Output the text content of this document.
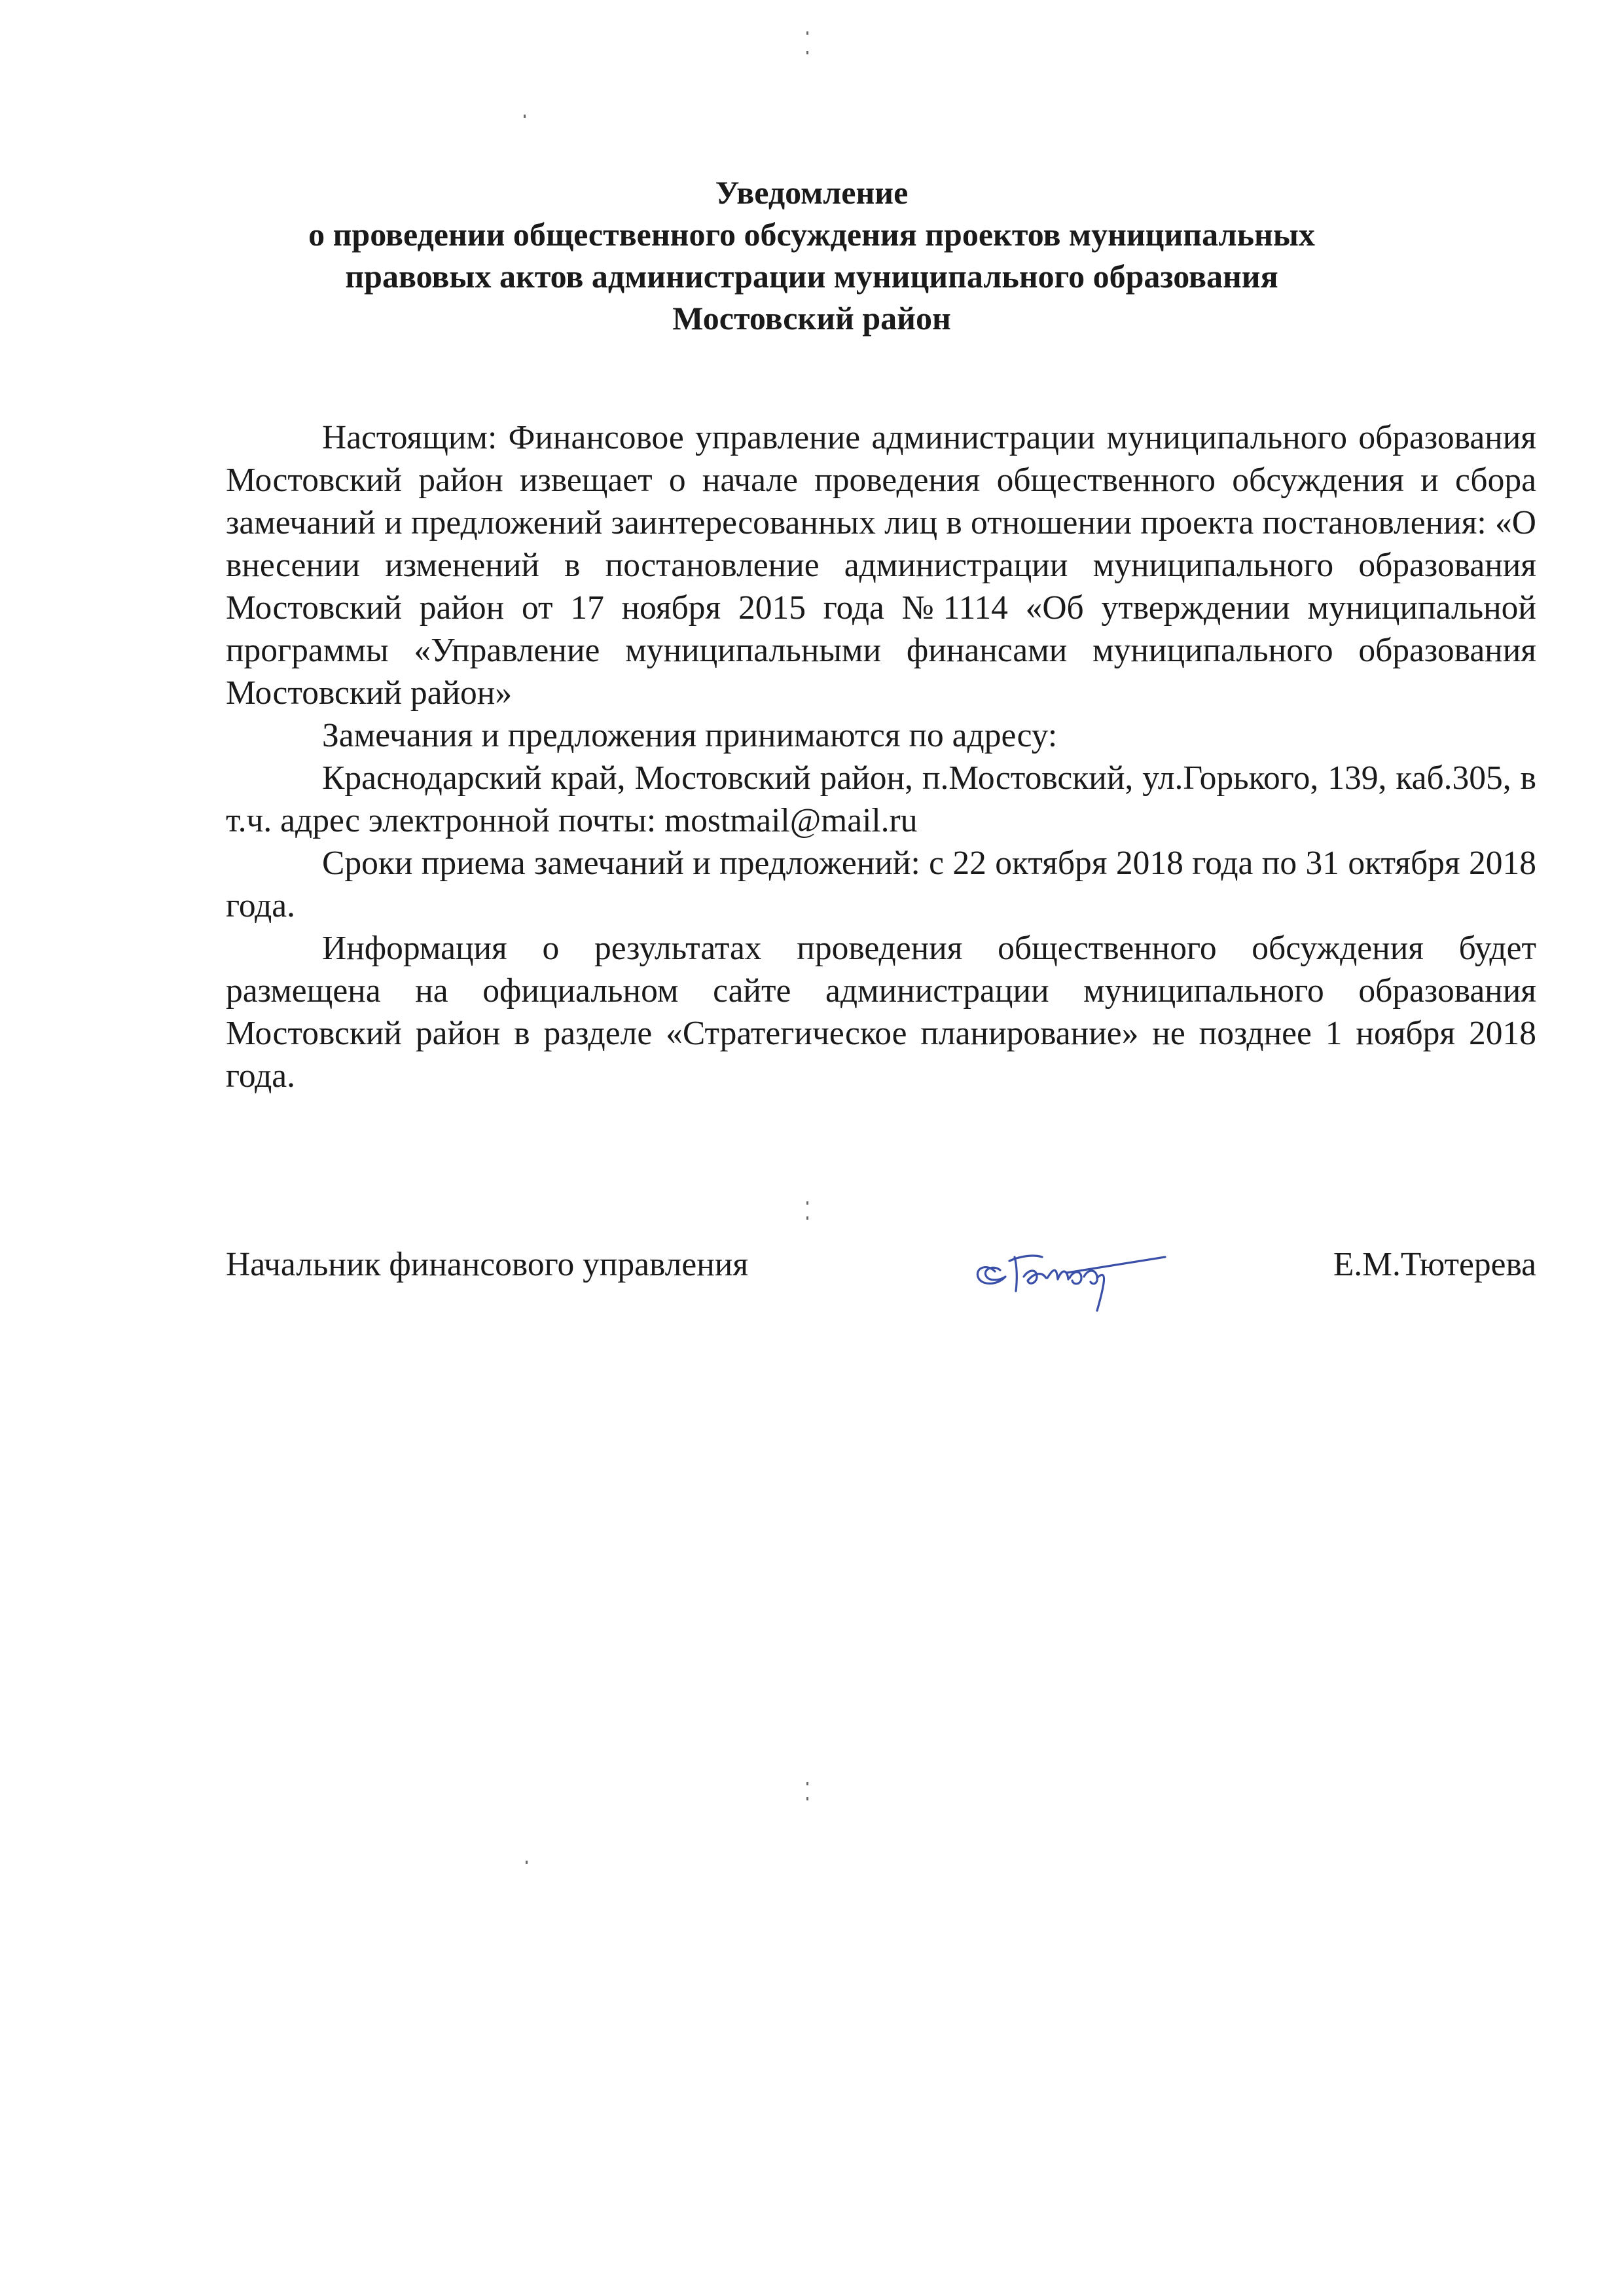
Уведомление
о проведении общественного обсуждения проектов муниципальных
правовых актов администрации муниципального образования
Мостовский район

Настоящим: Финансовое управление администрации муниципального образования Мостовский район извещает о начале проведения общественного обсуждения и сбора замечаний и предложений заинтересованных лиц в отношении проекта постановления: «О внесении изменений в постановление администрации муниципального образования Мостовский район от 17 ноября 2015 года №1114 «Об утверждении муниципальной программы «Управление муниципальными финансами муниципального образования Мостовский район»

Замечания и предложения принимаются по адресу:

Краснодарский край, Мостовский район, п.Мостовский, ул.Горького, 139, каб.305, в т.ч. адрес электронной почты: mostmail@mail.ru

Сроки приема замечаний и предложений: с 22 октября 2018 года по 31 октября 2018 года.

Информация о результатах проведения общественного обсуждения будет размещена на официальном сайте администрации муниципального образования Мостовский район в разделе «Стратегическое планирование» не позднее 1 ноября 2018 года.

Начальник финансового управления	Е.М.Тютерева
